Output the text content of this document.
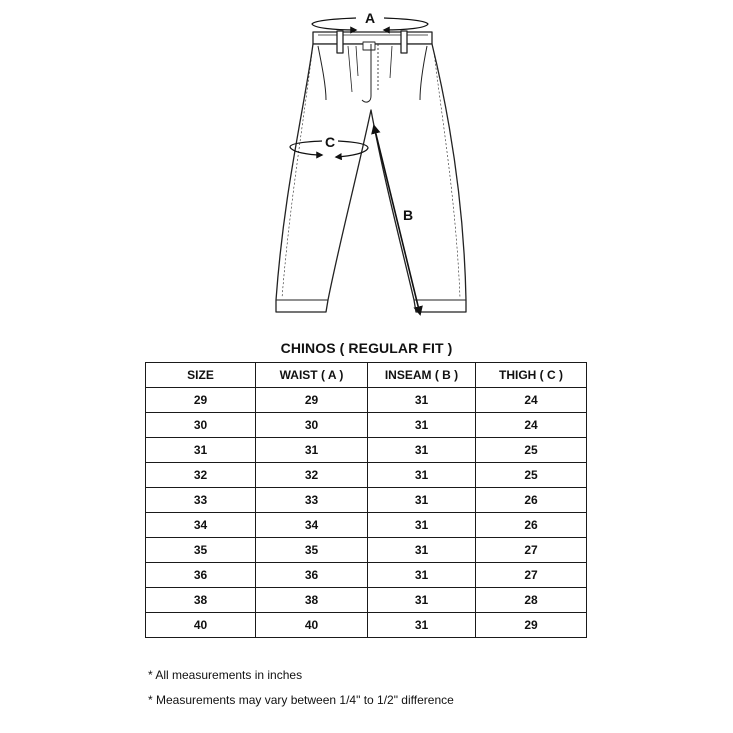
A
C
B
CHINOS ( REGULAR FIT )
SIZE	WAIST ( A )	INSEAM ( B )	THIGH ( C )
29	29	31	24
30	30	31	24
31	31	31	25
32	32	31	25
33	33	31	26
34	34	31	26
35	35	31	27
36	36	31	27
38	38	31	28
40	40	31	29
* All measurements in inches
* Measurements may vary between 1/4" to 1/2" difference
